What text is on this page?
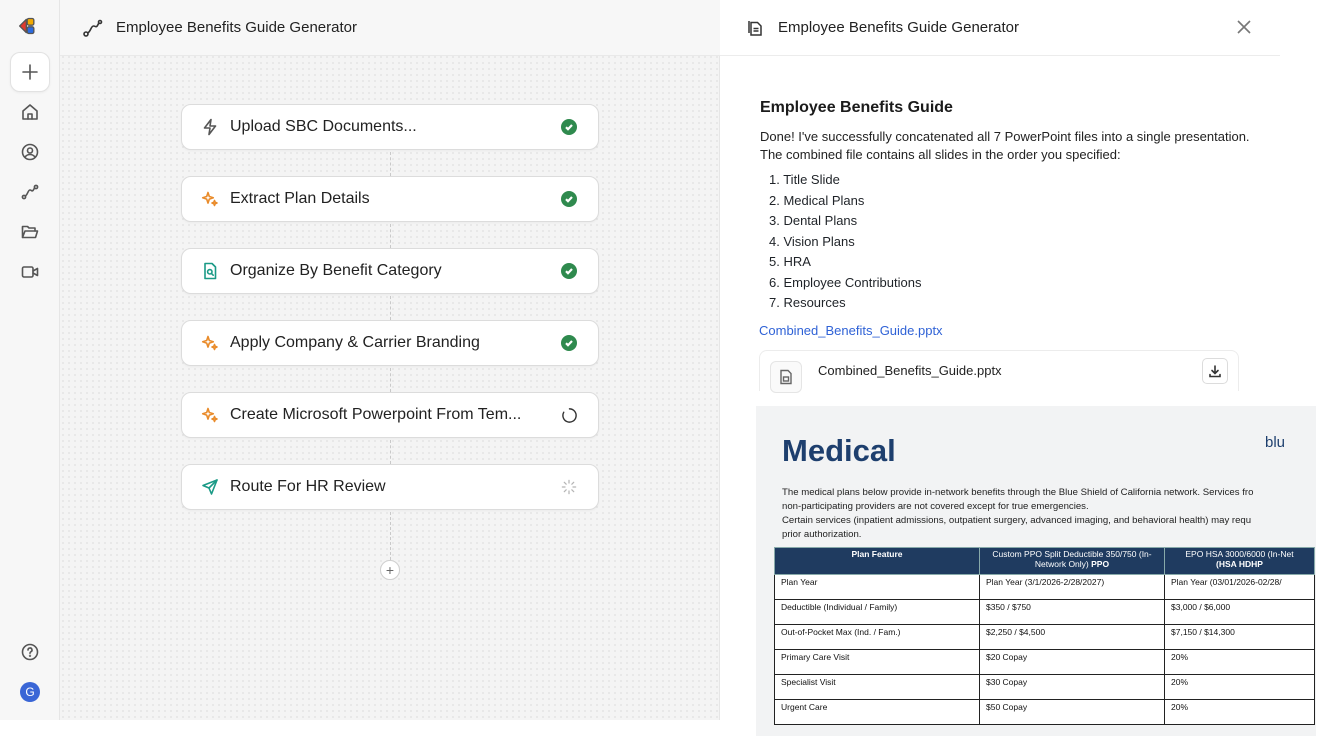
G
Employee Benefits Guide Generator
Upload SBC Documents...
Extract Plan Details
Organize By Benefit Category
Apply Company & Carrier Branding
Create Microsoft Powerpoint From Tem...
Route For HR Review
+
Employee Benefits Guide Generator
Employee Benefits Guide

Done! I've successfully concatenated all 7 PowerPoint files into a single presentation. The combined file contains all slides in the order you specified:

1. Title Slide
2. Medical Plans
3. Dental Plans
4. Vision Plans
5. HRA
6. Employee Contributions
7. Resources
Combined_Benefits_Guide.pptx
Combined_Benefits_Guide.pptx
Medical	blu
The medical plans below provide in-network benefits through the Blue Shield of California network. Services fro
non-participating providers are not covered except for true emergencies.
Certain services (inpatient admissions, outpatient surgery, advanced imaging, and behavioral health) may requ
prior authorization.
Plan Feature	Custom PPO Split Deductible 350/750 (In-Network Only) PPO	EPO HSA 3000/6000 (In-Net
(HSA HDHP
Plan Year	Plan Year (3/1/2026-2/28/2027)	Plan Year (03/01/2026-02/28/
Deductible (Individual / Family)	$350 / $750	$3,000 / $6,000
Out-of-Pocket Max (Ind. / Fam.)	$2,250 / $4,500	$7,150 / $14,300
Primary Care Visit	$20 Copay	20%
Specialist Visit	$30 Copay	20%
Urgent Care	$50 Copay	20%
